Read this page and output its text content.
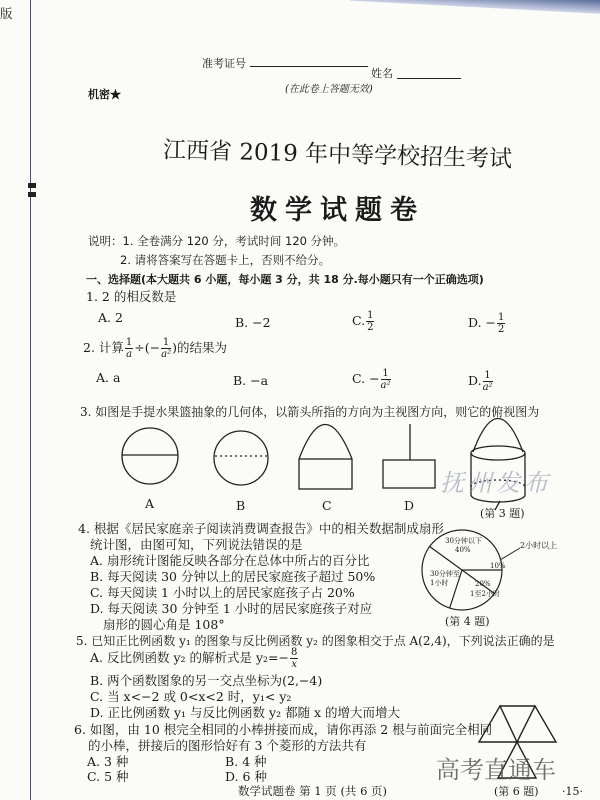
版
准考证号  姓名
(在此卷上答题无效)
机密★
江西省 2019 年中等学校招生考试
数学试题卷
说明：1. 全卷满分 120 分，考试时间 120 分钟。
2. 请将答案写在答题卡上，否则不给分。
一、选择题(本大题共 6 小题，每小题 3 分，共 18 分.每小题只有一个正确选项)
1. 2 的相反数是
A. 2	B. −2	C. $\frac{1}{2}$	D. − $\frac{1}{2}$
2. 计算 $\frac{1}{a}$ ÷(− $\frac{1}{\text{a²}}$ )的结果为
A. a	B. −a	C. − $\frac{1}{\text{a²}}$	D. $\frac{1}{\text{a²}}$
3. 如图是手提水果篮抽象的几何体，以箭头所指的方向为主视图方向，则它的俯视图为
A	B	C	D
(第 3 题)
抚州发布
4. 根据《居民家庭亲子阅读消费调查报告》中的相关数据制成扇形
统计图，由图可知，下列说法错误的是
A. 扇形统计图能反映各部分在总体中所占的百分比
B. 每天阅读 30 分钟以上的居民家庭孩子超过 50%
C. 每天阅读 1 小时以上的居民家庭孩子占 20%
D. 每天阅读 30 分钟至 1 小时的居民家庭孩子对应
扇形的圆心角是 108°
30分钟以下
40%	2小时以上
10%
20%
1至2小时
30分钟至1小时
(第 4 题)
5. 已知正比例函数 y₁ 的图象与反比例函数 y₂ 的图象相交于点 A(2,4)，下列说法正确的是
A. 反比例函数 y₂ 的解析式是 $y_2=- \frac{8}{x}$
B. 两个函数图象的另一交点坐标为(2,−4)
C. 当 x<−2 或 0<x<2 时，y₁< y₂
D. 正比例函数 y₁ 与反比例函数 y₂ 都随 x 的增大而增大
6. 如图，由 10 根完全相同的小棒拼接而成，请你再添 2 根与前面完全相同
的小棒，拼接后的图形恰好有 3 个菱形的方法共有
A. 3 种	B. 4 种
C. 5 种	D. 6 种
数学试题卷 第 1 页 (共 6 页)	(第 6 题)
高考直通车
·15·
